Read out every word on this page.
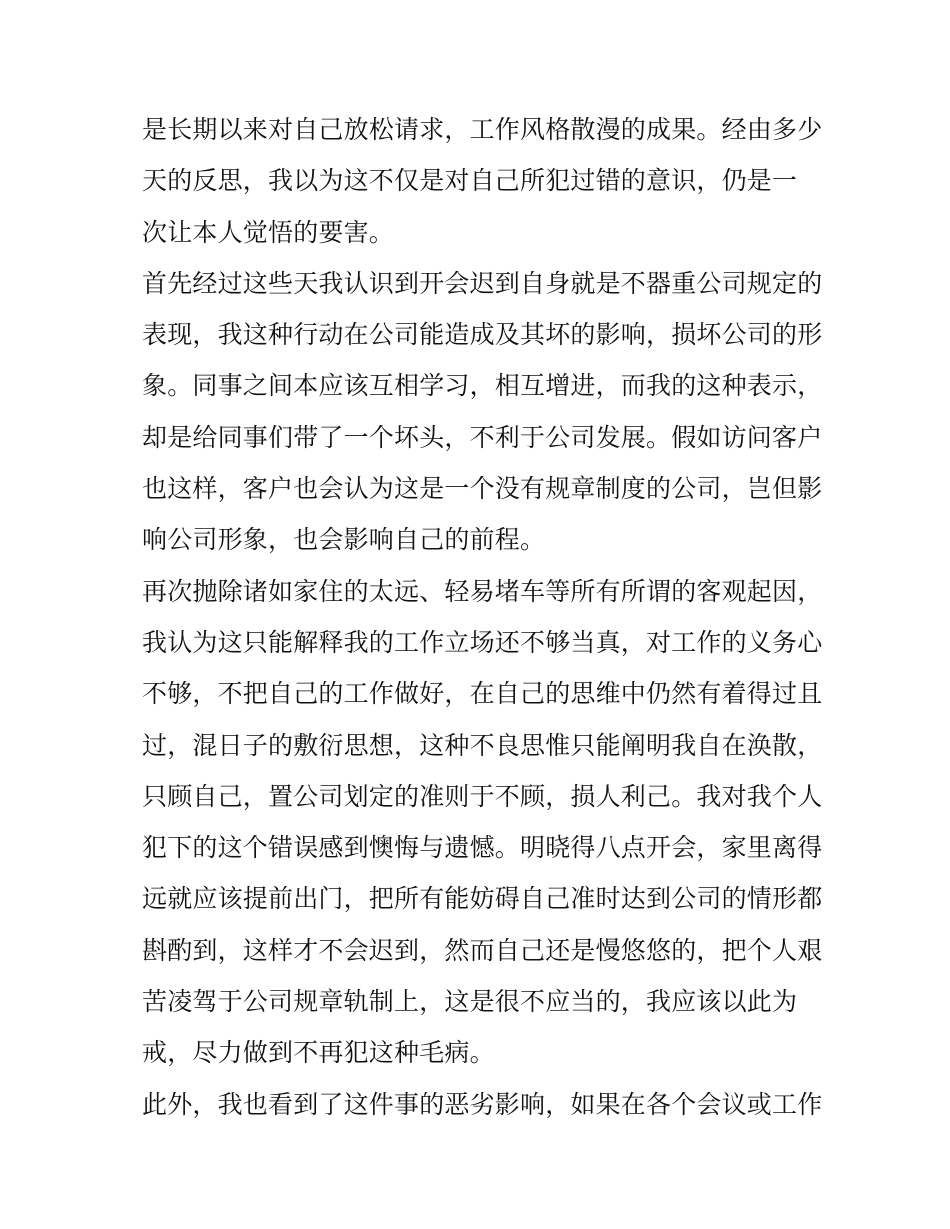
是长期以来对自己放松请求，工作风格散漫的成果。经由多少
天的反思，我以为这不仅是对自己所犯过错的意识，仍是一
次让本人觉悟的要害。
首先经过这些天我认识到开会迟到自身就是不器重公司规定的
表现，我这种行动在公司能造成及其坏的影响，损坏公司的形
象。同事之间本应该互相学习，相互增进，而我的这种表示，
却是给同事们带了一个坏头，不利于公司发展。假如访问客户
也这样，客户也会认为这是一个没有规章制度的公司，岂但影
响公司形象，也会影响自己的前程。
再次抛除诸如家住的太远、轻易堵车等所有所谓的客观起因，
我认为这只能解释我的工作立场还不够当真，对工作的义务心
不够，不把自己的工作做好，在自己的思维中仍然有着得过且
过，混日子的敷衍思想，这种不良思惟只能阐明我自在涣散，
只顾自己，置公司划定的准则于不顾，损人利己。我对我个人
犯下的这个错误感到懊悔与遗憾。明晓得八点开会，家里离得
远就应该提前出门，把所有能妨碍自己准时达到公司的情形都
斟酌到，这样才不会迟到，然而自己还是慢悠悠的，把个人艰
苦凌驾于公司规章轨制上，这是很不应当的，我应该以此为
戒，尽力做到不再犯这种毛病。
此外，我也看到了这件事的恶劣影响，如果在各个会议或工作
